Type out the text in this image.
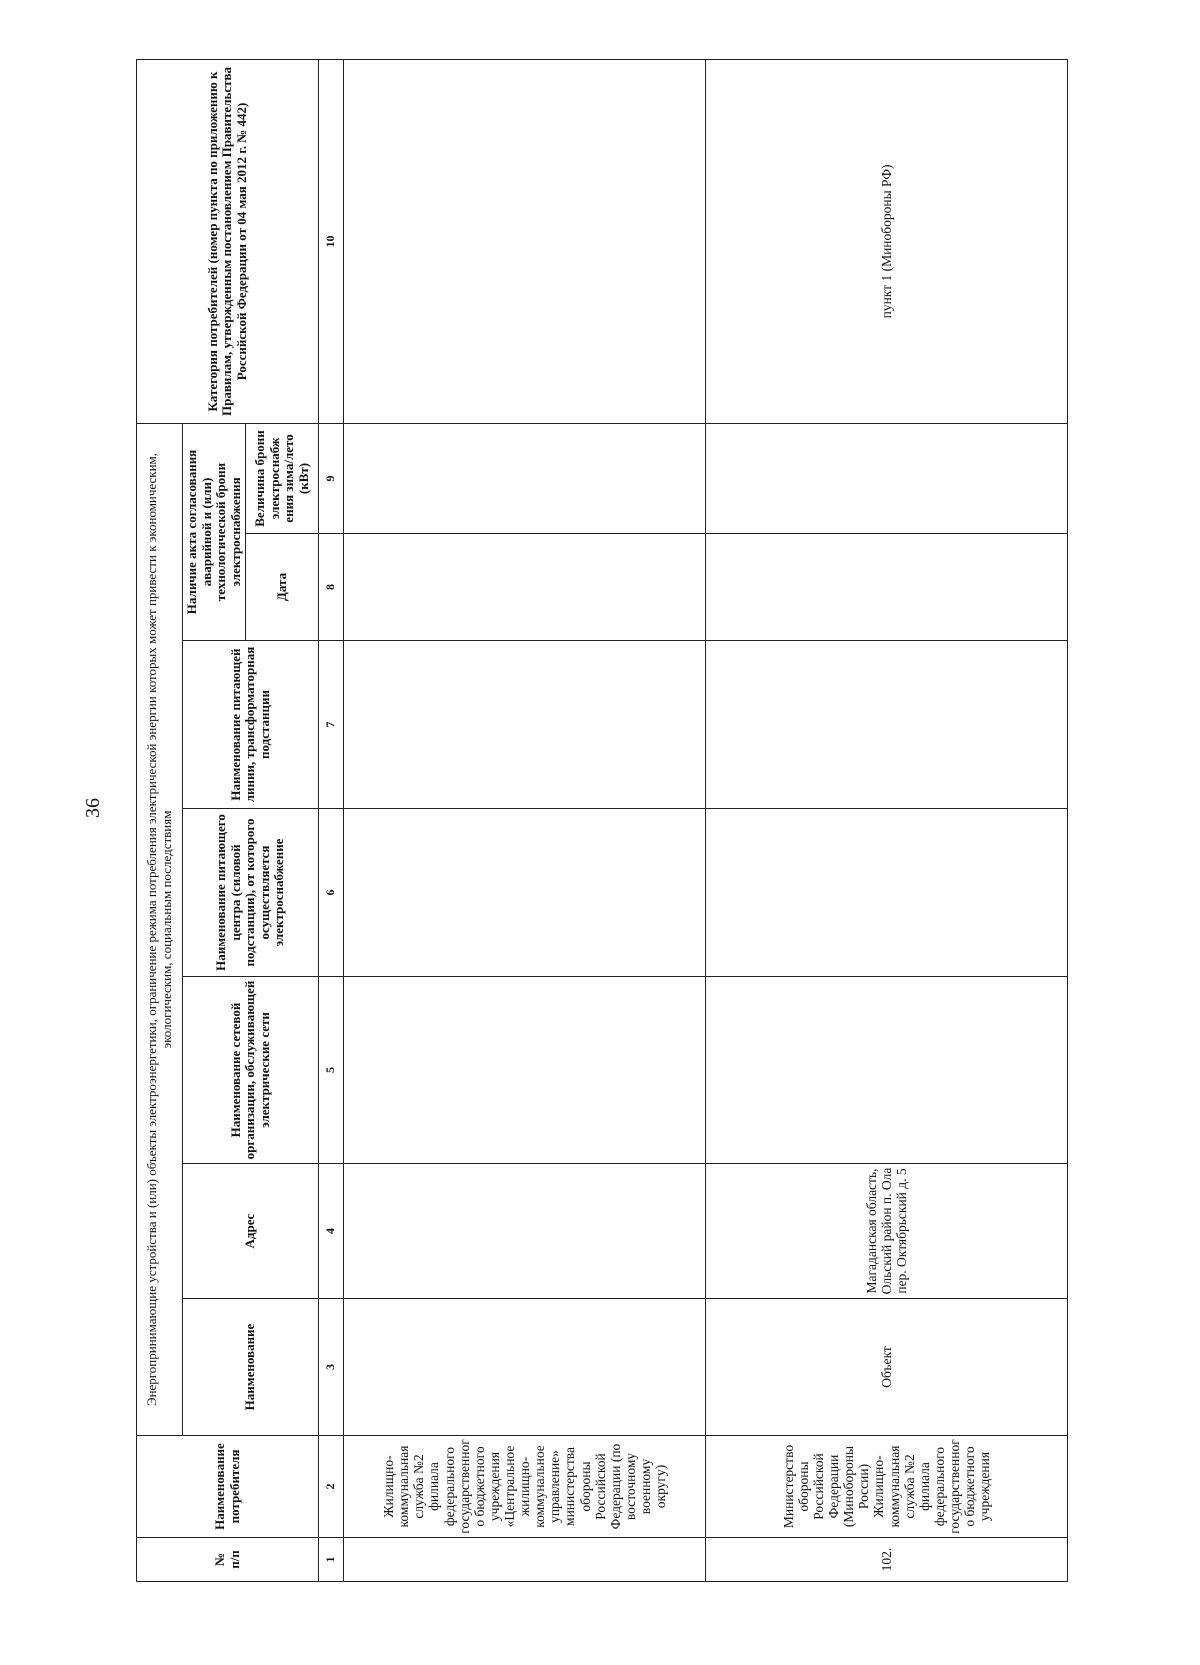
36
№
п/п	Наименование потребителя	Энергопринимающие устройства и (или) объекты электроэнергетики, ограничение режима потребления электрической энергии которых может привести к экономическим, экологическим, социальным последствиям							Категория потребителей (номер пункта по приложению к Правилам, утвержденным постановлением Правительства Российской Федерации от 04 мая 2012 г. № 442)
		Наименование	Адрес	Наименование сетевой организации, обслуживающей электрические сети	Наименование питающего центра (силовой подстанции), от которого осуществляется электроснабжение	Наименование питающей линии, трансформаторная подстанции	Наличие акта согласования аварийной и (или) технологической брони электроснабжения		
							Дата	Величина брони электроснабж ения зима/лето (кВт)	
1	2	3	4	5	6	7	8	9	10
	Жилищно-коммунальная служба №2 филиала федерального государственного бюджетного учреждения «Центральное жилищно-коммунальное управление» министерства обороны Российской Федерации (по восточному военному округу)								
102.	Министерство обороны Российской Федерации (Минобороны России) Жилищно-коммунальная служба №2 филиала федерального государственного бюджетного учреждения	Объект	Магаданская область, Ольский район п. Ола пер. Октябрьский д. 5						пункт 1 (Минобороны РФ)
